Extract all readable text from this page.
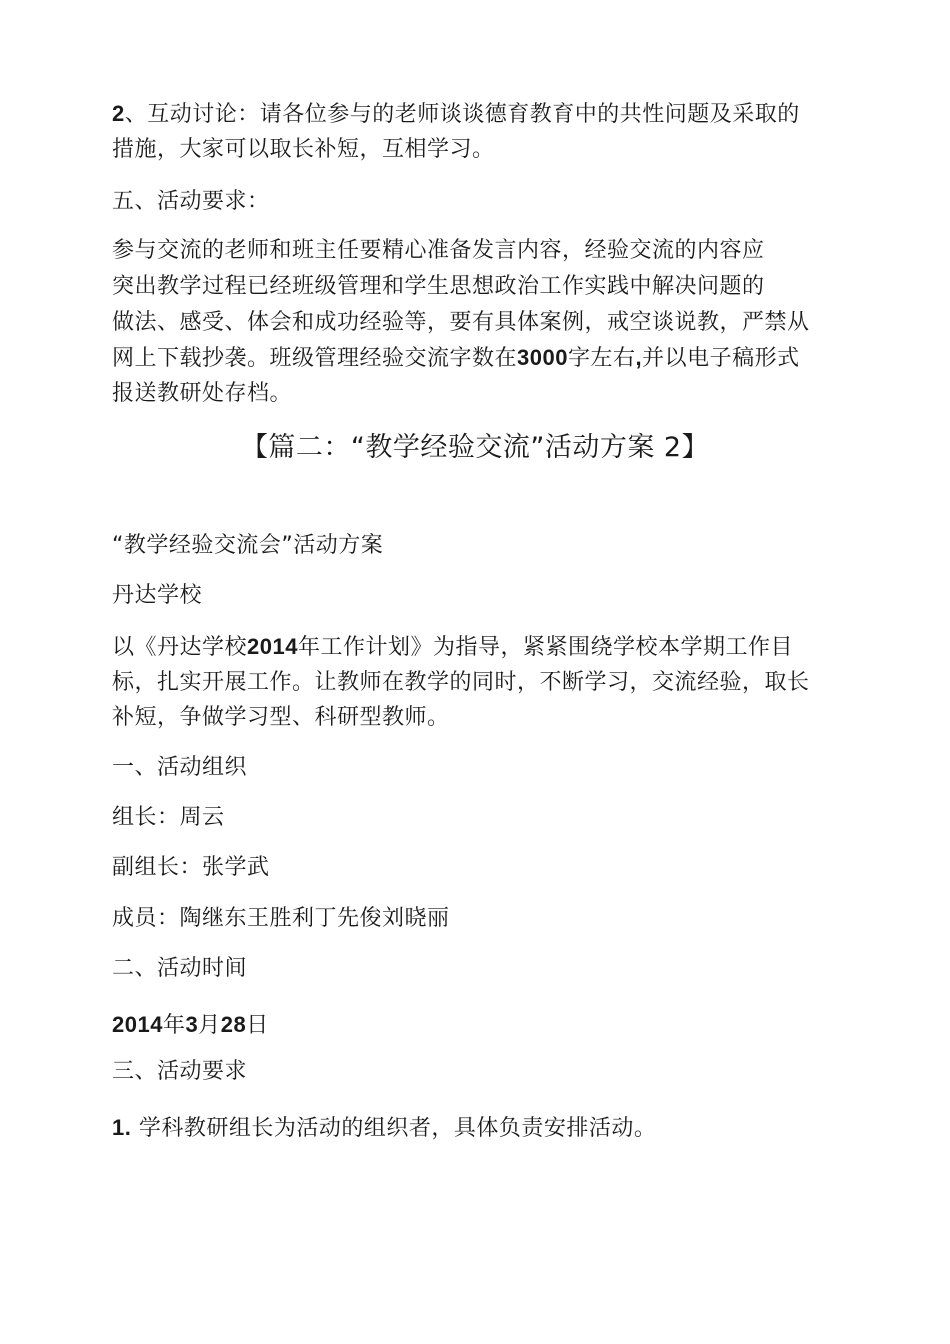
2、互动讨论：请各位参与的老师谈谈德育教育中的共性问题及采取的
措施，大家可以取长补短，互相学习。
五、活动要求：
参与交流的老师和班主任要精心准备发言内容，经验交流的内容应
突出教学过程已经班级管理和学生思想政治工作实践中解决问题的
做法、感受、体会和成功经验等，要有具体案例，戒空谈说教，严禁从
网上下载抄袭。班级管理经验交流字数在3000字左右,并以电子稿形式
报送教研处存档。
【篇二：“教学经验交流”活动方案 2】
“教学经验交流会”活动方案
丹达学校
以《丹达学校2014年工作计划》为指导，紧紧围绕学校本学期工作目
标，扎实开展工作。让教师在教学的同时，不断学习，交流经验，取长
补短，争做学习型、科研型教师。
一、活动组织
组长：周云
副组长：张学武
成员：陶继东王胜利丁先俊刘晓丽
二、活动时间
2014年3月28日
三、活动要求
1. 学科教研组长为活动的组织者，具体负责安排活动。
